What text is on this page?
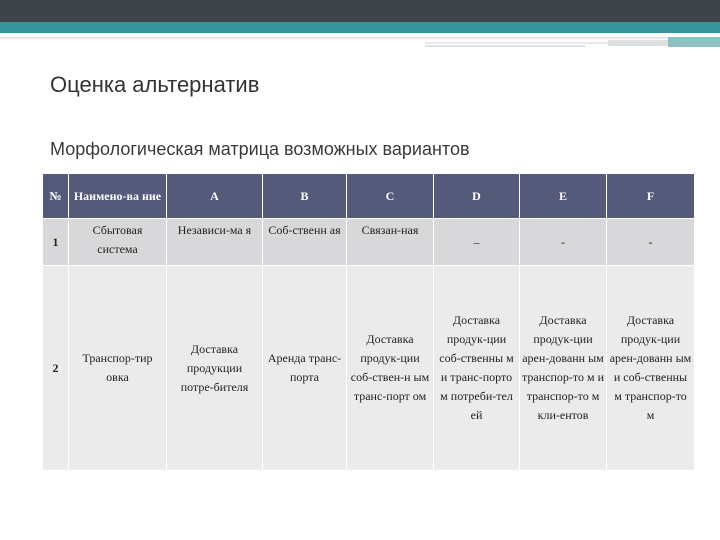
Оценка альтернатив
Морфологическая матрица возможных вариантов
№	Наимено-ва ние	A	B	C	D	E	F
1	Сбытовая система	Независи-ма я	Соб-ственн ая	Связан-ная	–	-	-
2	Транспор-тир овка	Доставка продукции потре-бителя	Аренда транс-порта	Доставка продук-ции соб-ствен-н ым транс-порт ом	Доставка продук-ции соб-ственны м и транс-порто м потреби-тел ей	Доставка продук-ции арен-дованн ым транспор-то м и транспор-то м кли-ентов	Доставка продук-ции арен-дованн ым и соб-ственны м транспор-то м
